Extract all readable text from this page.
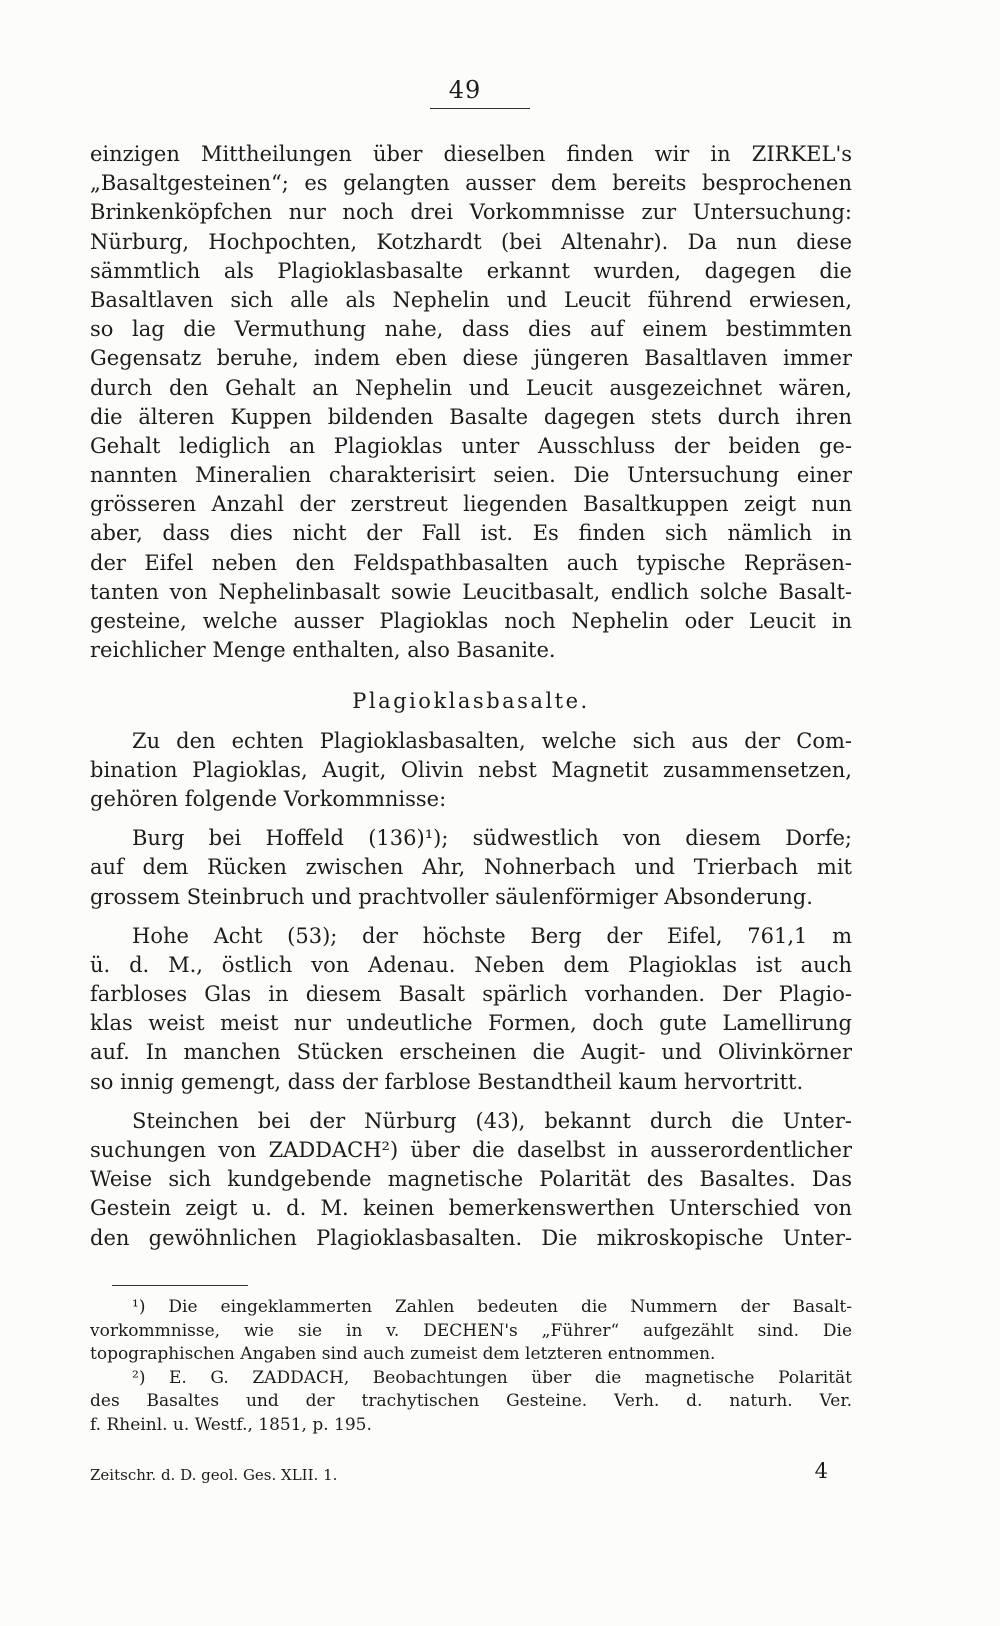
49
einzigen Mittheilungen über dieselben finden wir in ZIRKEL's
„Basaltgesteinen“; es gelangten ausser dem bereits besprochenen
Brinkenköpfchen nur noch drei Vorkommnisse zur Untersuchung:
Nürburg, Hochpochten, Kotzhardt (bei Altenahr). Da nun diese
sämmtlich als Plagioklasbasalte erkannt wurden, dagegen die
Basaltlaven sich alle als Nephelin und Leucit führend erwiesen,
so lag die Vermuthung nahe, dass dies auf einem bestimmten
Gegensatz beruhe, indem eben diese jüngeren Basaltlaven immer
durch den Gehalt an Nephelin und Leucit ausgezeichnet wären,
die älteren Kuppen bildenden Basalte dagegen stets durch ihren
Gehalt lediglich an Plagioklas unter Ausschluss der beiden ge-
nannten Mineralien charakterisirt seien. Die Untersuchung einer
grösseren Anzahl der zerstreut liegenden Basaltkuppen zeigt nun
aber, dass dies nicht der Fall ist. Es finden sich nämlich in
der Eifel neben den Feldspathbasalten auch typische Repräsen-
tanten von Nephelinbasalt sowie Leucitbasalt, endlich solche Basalt-
gesteine, welche ausser Plagioklas noch Nephelin oder Leucit in
reichlicher Menge enthalten, also Basanite.
Plagioklasbasalte.
Zu den echten Plagioklasbasalten, welche sich aus der Com-
bination Plagioklas, Augit, Olivin nebst Magnetit zusammensetzen,
gehören folgende Vorkommnisse:
Burg bei Hoffeld (136)¹); südwestlich von diesem Dorfe;
auf dem Rücken zwischen Ahr, Nohnerbach und Trierbach mit
grossem Steinbruch und prachtvoller säulenförmiger Absonderung.
Hohe Acht (53); der höchste Berg der Eifel, 761,1 m
ü. d. M., östlich von Adenau. Neben dem Plagioklas ist auch
farbloses Glas in diesem Basalt spärlich vorhanden. Der Plagio-
klas weist meist nur undeutliche Formen, doch gute Lamellirung
auf. In manchen Stücken erscheinen die Augit- und Olivinkörner
so innig gemengt, dass der farblose Bestandtheil kaum hervortritt.
Steinchen bei der Nürburg (43), bekannt durch die Unter-
suchungen von ZADDACH²) über die daselbst in ausserordentlicher
Weise sich kundgebende magnetische Polarität des Basaltes. Das
Gestein zeigt u. d. M. keinen bemerkenswerthen Unterschied von
den gewöhnlichen Plagioklasbasalten. Die mikroskopische Unter-
¹) Die eingeklammerten Zahlen bedeuten die Nummern der Basalt-
vorkommnisse, wie sie in v. DECHEN's „Führer“ aufgezählt sind. Die
topographischen Angaben sind auch zumeist dem letzteren entnommen.
²) E. G. ZADDACH, Beobachtungen über die magnetische Polarität
des Basaltes und der trachytischen Gesteine. Verh. d. naturh. Ver.
f. Rheinl. u. Westf., 1851, p. 195.
Zeitschr. d. D. geol. Ges. XLII. 1.	4
